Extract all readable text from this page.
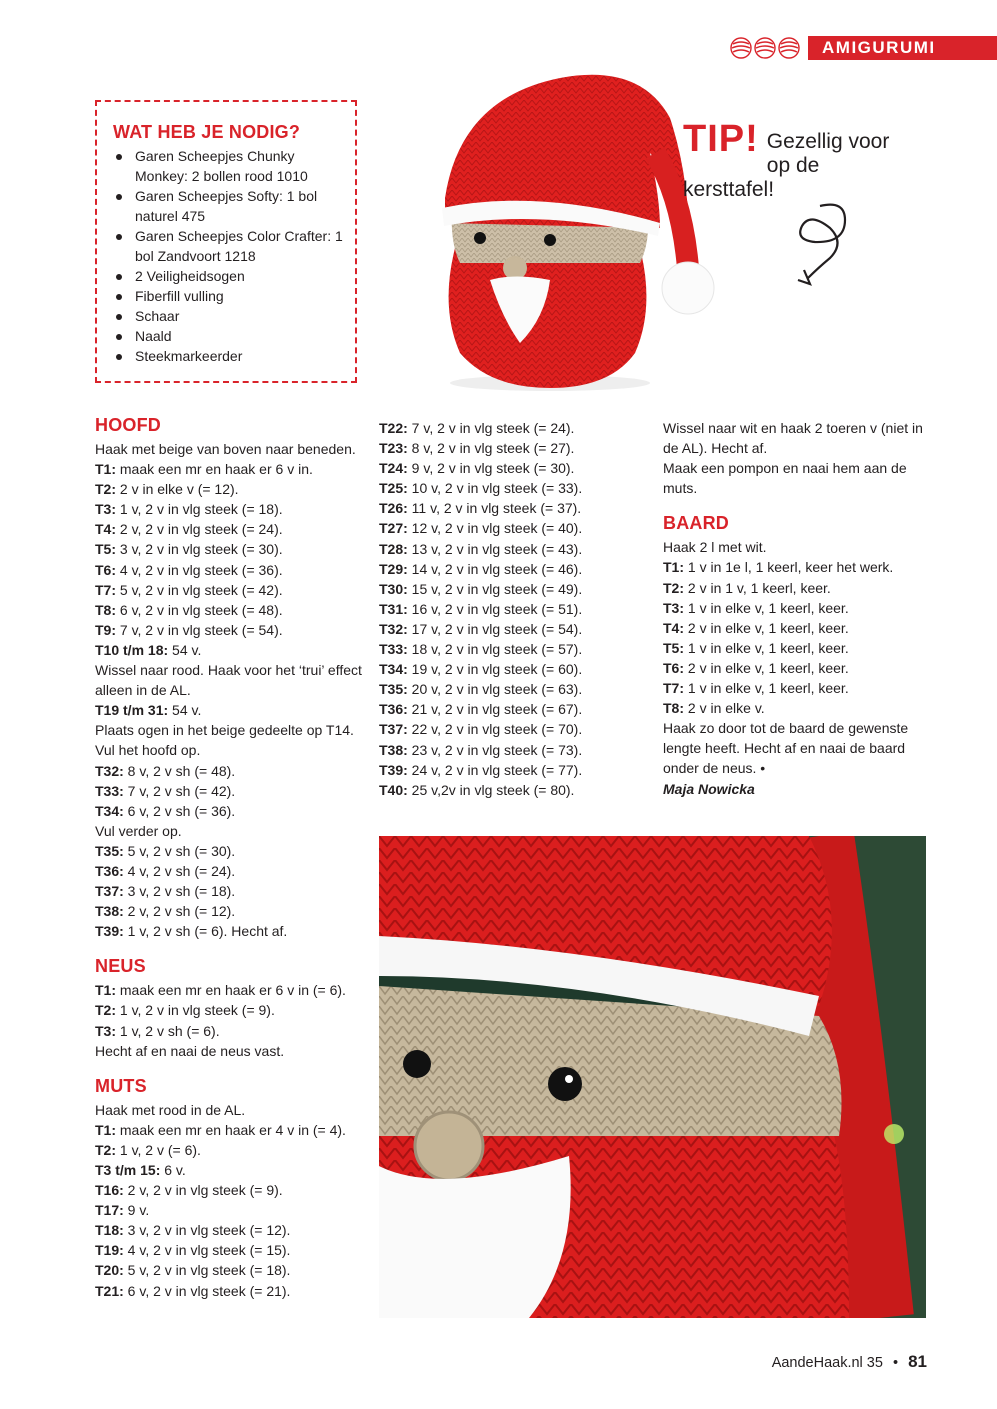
AMIGURUMI
WAT HEB JE NODIG?
Garen Scheepjes Chunky Monkey: 2 bollen rood 1010
Garen Scheepjes Softy: 1 bol naturel 475
Garen Scheepjes Color Crafter: 1 bol Zandvoort 1218
2 Veiligheidsogen
Fiberfill vulling
Schaar
Naald
Steekmarkeerder
TIP! Gezellig voor op de kersttafel!
HOOFD

Haak met beige van boven naar beneden.

T1: maak een mr en haak er 6 v in.

T2: 2 v in elke v (= 12).

T3: 1 v, 2 v in vlg steek (= 18).

T4: 2 v, 2 v in vlg steek (= 24).

T5: 3 v, 2 v in vlg steek (= 30).

T6: 4 v, 2 v in vlg steek (= 36).

T7: 5 v, 2 v in vlg steek (= 42).

T8: 6 v, 2 v in vlg steek (= 48).

T9: 7 v, 2 v in vlg steek (= 54).

T10 t/m 18: 54 v.

Wissel naar rood. Haak voor het ‘trui’ effect alleen in de AL.

T19 t/m 31: 54 v.

Plaats ogen in het beige gedeelte op T14. Vul het hoofd op.

T32: 8 v, 2 v sh (= 48).

T33: 7 v, 2 v sh (= 42).

T34: 6 v, 2 v sh (= 36).

Vul verder op.

T35: 5 v, 2 v sh (= 30).

T36: 4 v, 2 v sh (= 24).

T37: 3 v, 2 v sh (= 18).

T38: 2 v, 2 v sh (= 12).

T39: 1 v, 2 v sh (= 6). Hecht af.

NEUS

T1: maak een mr en haak er 6 v in (= 6).

T2: 1 v, 2 v in vlg steek (= 9).

T3: 1 v, 2 v sh (= 6).

Hecht af en naai de neus vast.

MUTS

Haak met rood in de AL.

T1: maak een mr en haak er 4 v in (= 4).

T2: 1 v, 2 v (= 6).

T3 t/m 15: 6 v.

T16: 2 v, 2 v in vlg steek (= 9).

T17: 9 v.

T18: 3 v, 2 v in vlg steek (= 12).

T19: 4 v, 2 v in vlg steek (= 15).

T20: 5 v, 2 v in vlg steek (= 18).

T21: 6 v, 2 v in vlg steek (= 21).

T22: 7 v, 2 v in vlg steek (= 24).

T23: 8 v, 2 v in vlg steek (= 27).

T24: 9 v, 2 v in vlg steek (= 30).

T25: 10 v, 2 v in vlg steek (= 33).

T26: 11 v, 2 v in vlg steek (= 37).

T27: 12 v, 2 v in vlg steek (= 40).

T28: 13 v, 2 v in vlg steek (= 43).

T29: 14 v, 2 v in vlg steek (= 46).

T30: 15 v, 2 v in vlg steek (= 49).

T31: 16 v, 2 v in vlg steek (= 51).

T32: 17 v, 2 v in vlg steek (= 54).

T33: 18 v, 2 v in vlg steek (= 57).

T34: 19 v, 2 v in vlg steek (= 60).

T35: 20 v, 2 v in vlg steek (= 63).

T36: 21 v, 2 v in vlg steek (= 67).

T37: 22 v, 2 v in vlg steek (= 70).

T38: 23 v, 2 v in vlg steek (= 73).

T39: 24 v, 2 v in vlg steek (= 77).

T40: 25 v,2v in vlg steek (= 80).

Wissel naar wit en haak 2 toeren v (niet in de AL). Hecht af.

Maak een pompon en naai hem aan de muts.

BAARD

Haak 2 l met wit.

T1: 1 v in 1e l, 1 keerl, keer het werk.

T2: 2 v in 1 v, 1 keerl, keer.

T3: 1 v in elke v, 1 keerl, keer.

T4: 2 v in elke v, 1 keerl, keer.

T5: 1 v in elke v, 1 keerl, keer.

T6: 2 v in elke v, 1 keerl, keer.

T7: 1 v in elke v, 1 keerl, keer.

T8: 2 v in elke v.

Haak zo door tot de baard de gewenste lengte heeft. Hecht af en naai de baard onder de neus. •

Maja Nowicka

AandeHaak.nl 35 • 81
